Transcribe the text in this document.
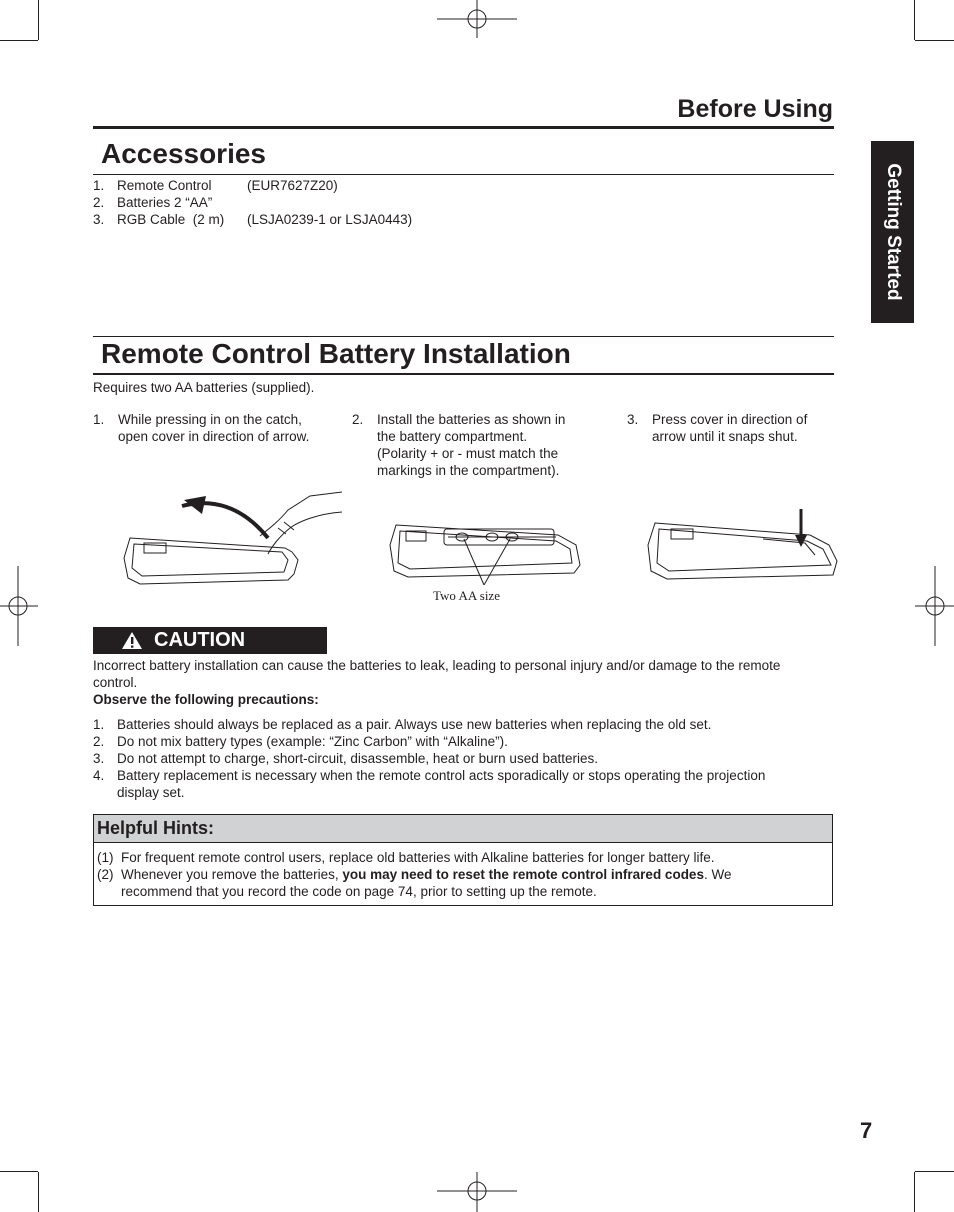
Before Using
Getting Started
Accessories
1. Remote Control	(EUR7627Z20)
2. Batteries 2 “AA”
3. RGB Cable  (2 m) (LSJA0239-1 or LSJA0443)
Remote Control Battery Installation
Requires two AA batteries (supplied).
1. While pressing in on the catch,
open cover in direction of arrow.
2. Install the batteries as shown in
the battery compartment.
(Polarity + or - must match the
markings in the compartment).
3. Press cover in direction of
arrow until it snaps shut.
Two AA size
CAUTION
Incorrect battery installation can cause the batteries to leak, leading to personal injury and/or damage to the remote
control.
Observe the following precautions:
1. Batteries should always be replaced as a pair. Always use new batteries when replacing the old set.
2. Do not mix battery types (example: “Zinc Carbon” with “Alkaline”).
3. Do not attempt to charge, short-circuit, disassemble, heat or burn used batteries.
4. Battery replacement is necessary when the remote control acts sporadically or stops operating the projection
display set.
Helpful Hints:
(1) For frequent remote control users, replace old batteries with Alkaline batteries for longer battery life.
(2) Whenever you remove the batteries, you may need to reset the remote control infrared codes. We
recommend that you record the code on page 74, prior to setting up the remote.
7
